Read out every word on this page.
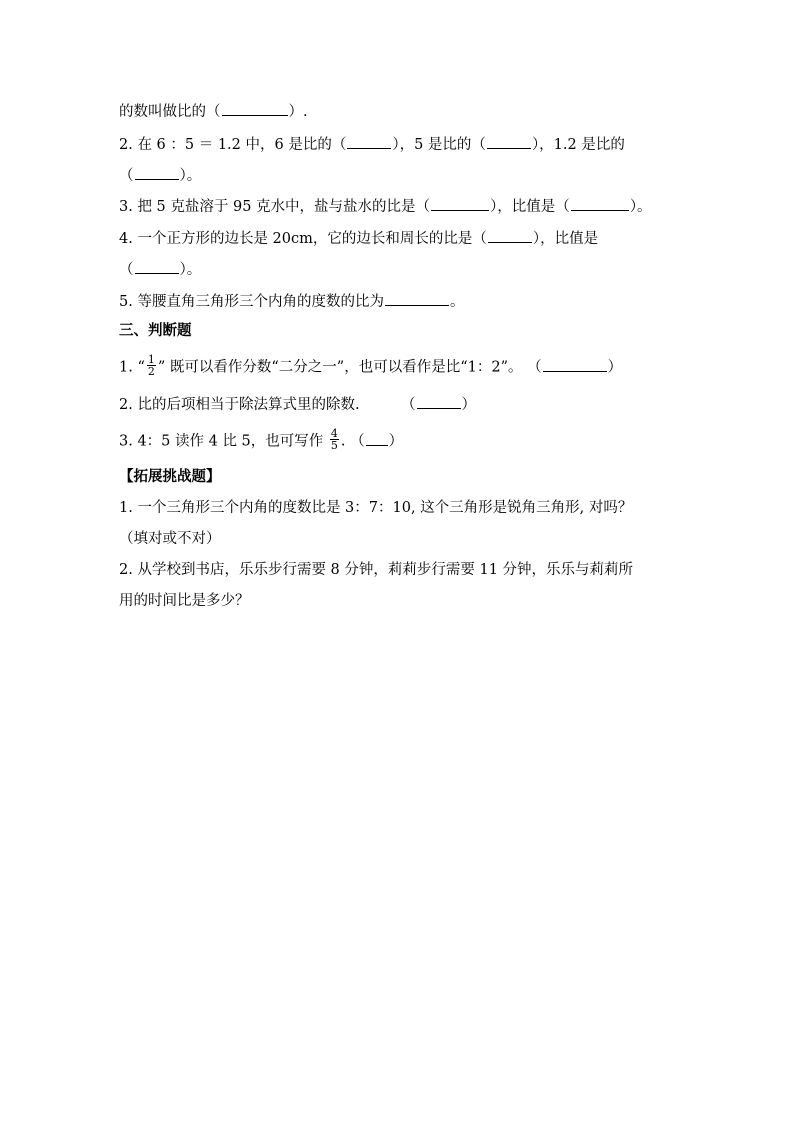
的数叫做比的（	）.
2. 在 6 ：5 ＝ 1.2 中，6 是比的（	），5 是比的（	），1.2 是比的
（	）。
3. 把 5 克盐溶于 95 克水中，盐与盐水的比是（	），比值是（	）。
4. 一个正方形的边长是 20cm，它的边长和周长的比是（	），比值是
（	）。
5. 等腰直角三角形三个内角的度数的比为	。
三、判断题
1. “ $\frac{1}{2}$ ” 既可以看作分数“二分之一”，也可以看作是比“1：2”。 （	）
2. 比的后项相当于除法算式里的除数.         （	）
3. 4：5 读作 4 比 5，也可写作 $\frac{4}{5}$ . （ ）
【拓展挑战题】
1. 一个三角形三个内角的度数比是 3：7：10, 这个三角形是锐角三角形, 对吗？
（填对或不对）
2. 从学校到书店，乐乐步行需要 8 分钟，莉莉步行需要 11 分钟，乐乐与莉莉所
用的时间比是多少？
